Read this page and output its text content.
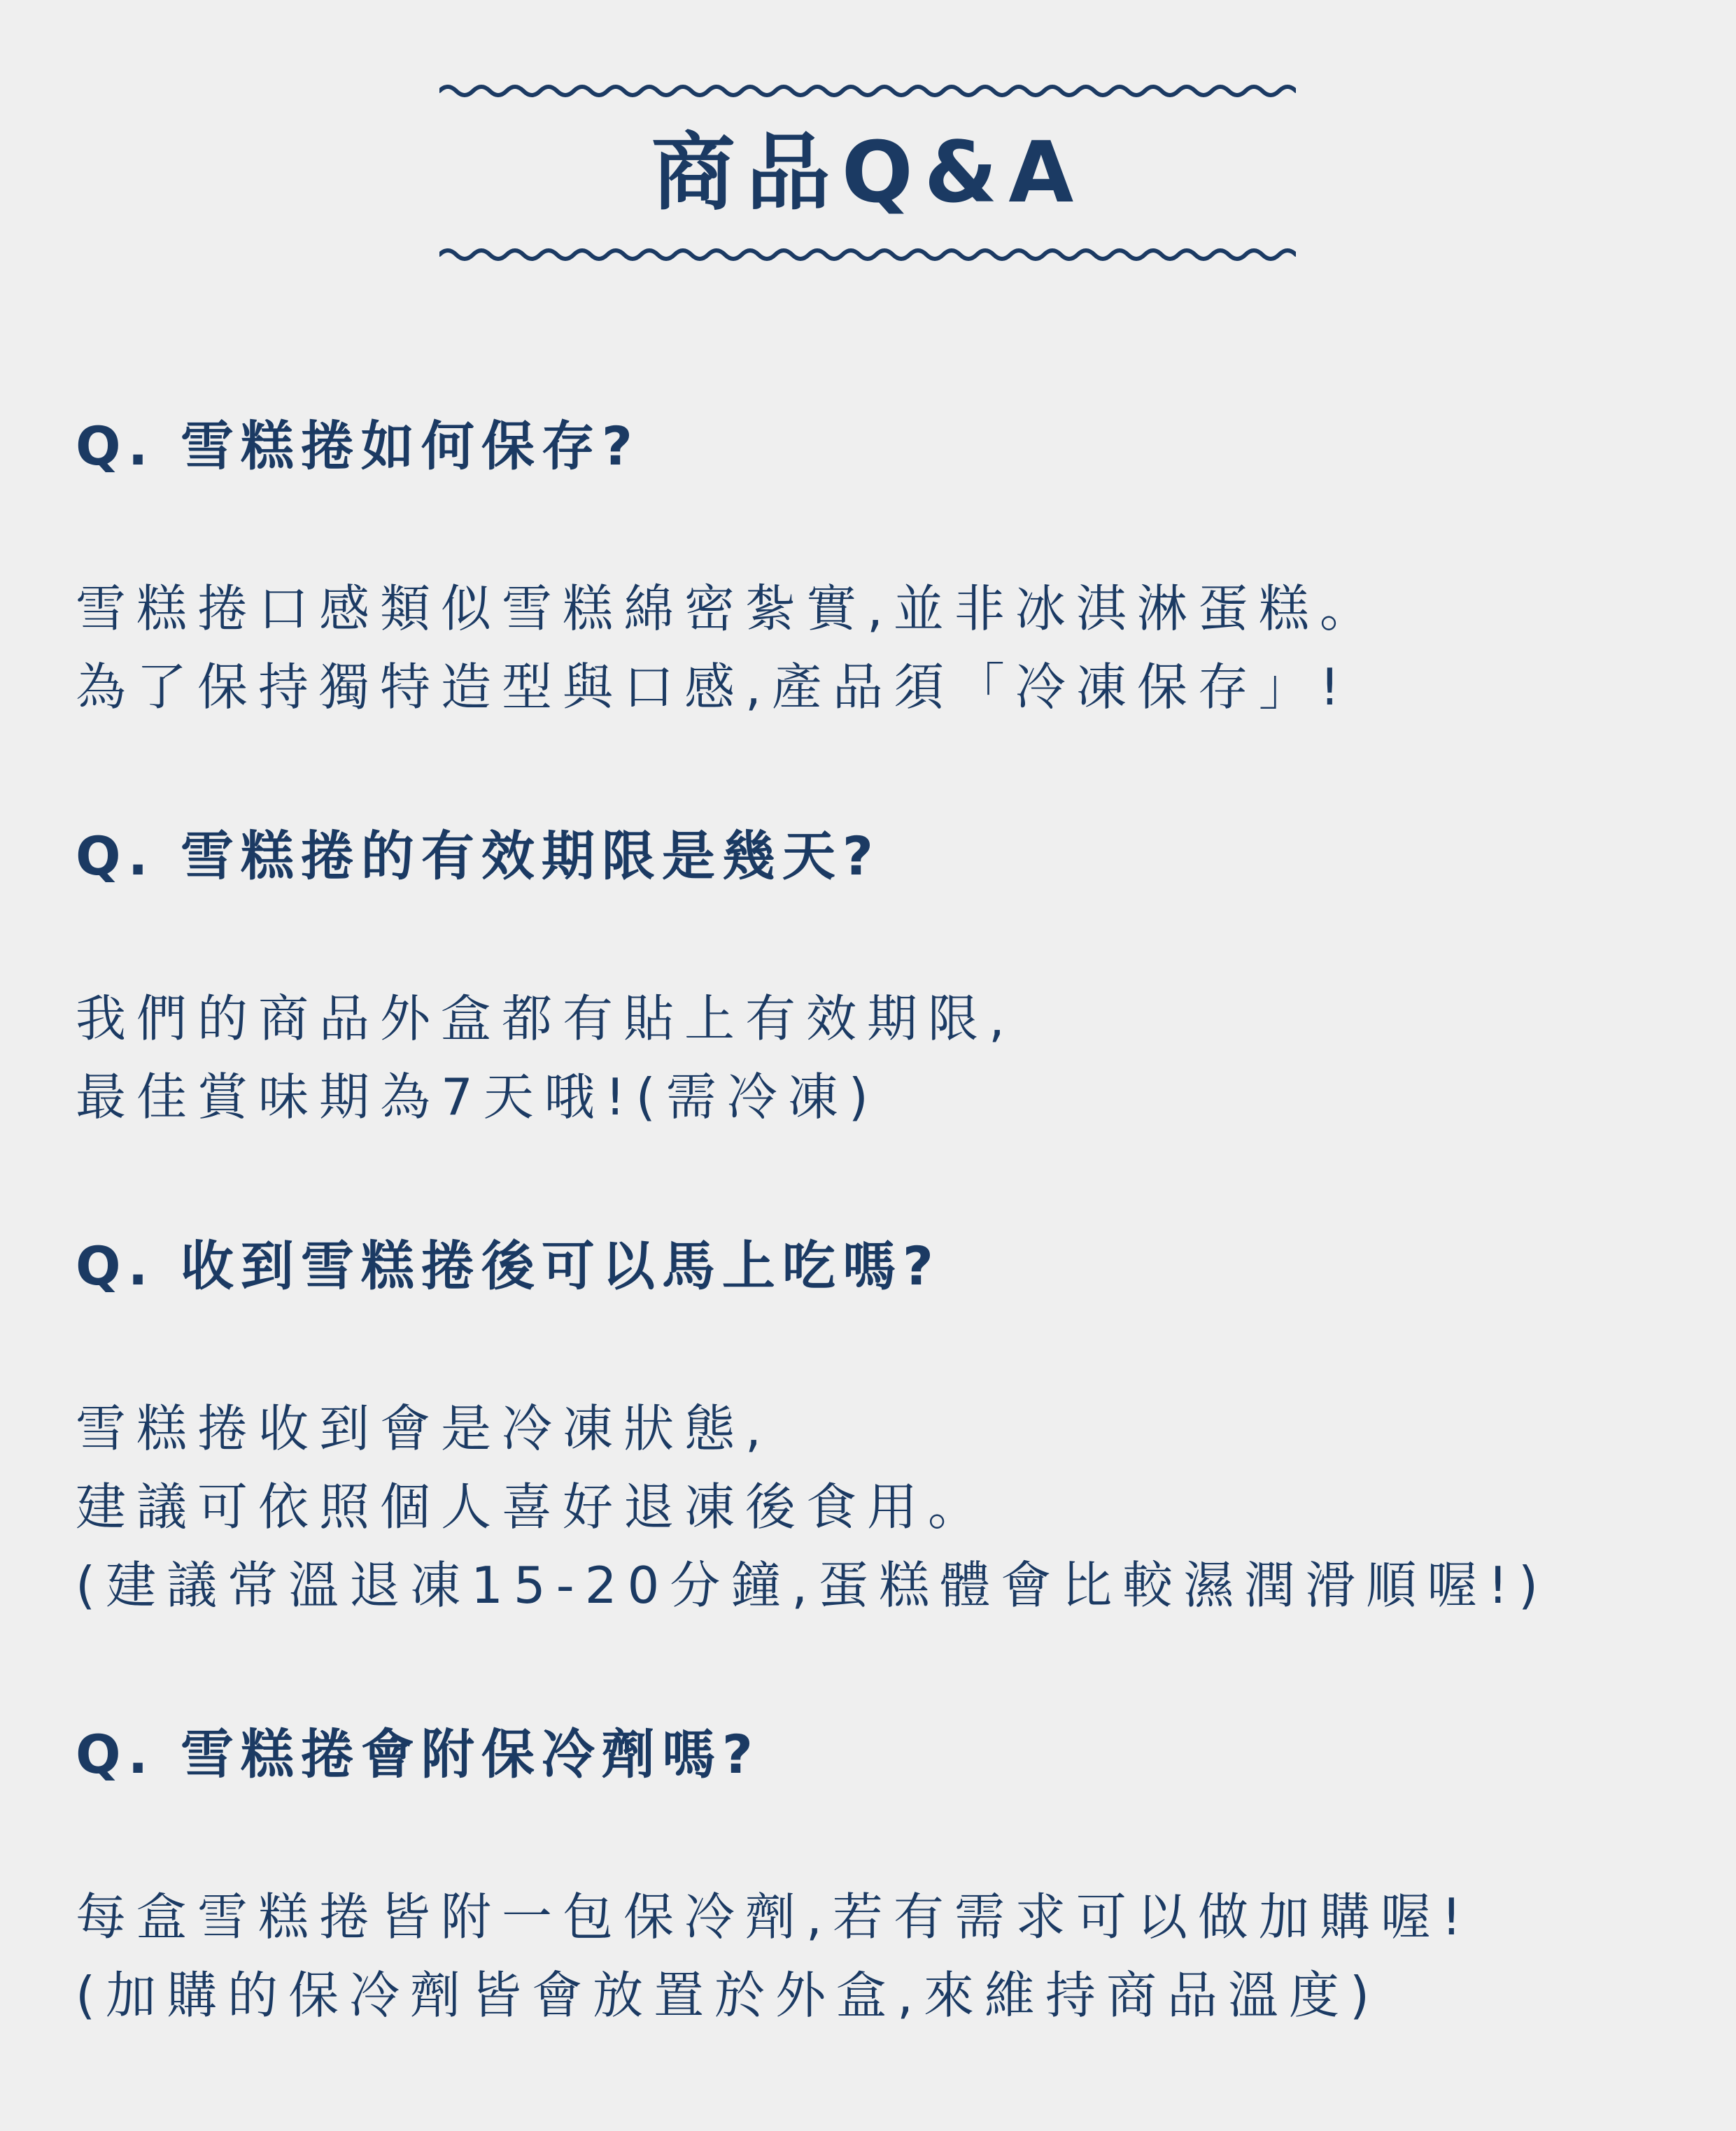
商品Q&A
Q. 雪糕捲如何保存?

雪糕捲口感類似雪糕綿密紮實,並非冰淇淋蛋糕。

為了保持獨特造型與口感,產品須「冷凍保存」!

Q. 雪糕捲的有效期限是幾天?

我們的商品外盒都有貼上有效期限,

最佳賞味期為7天哦!(需冷凍)

Q. 收到雪糕捲後可以馬上吃嗎?

雪糕捲收到會是冷凍狀態,

建議可依照個人喜好退凍後食用。

(建議常溫退凍15-20分鐘,蛋糕體會比較濕潤滑順喔!)

Q. 雪糕捲會附保冷劑嗎?

每盒雪糕捲皆附一包保冷劑,若有需求可以做加購喔!

(加購的保冷劑皆會放置於外盒,來維持商品溫度)
